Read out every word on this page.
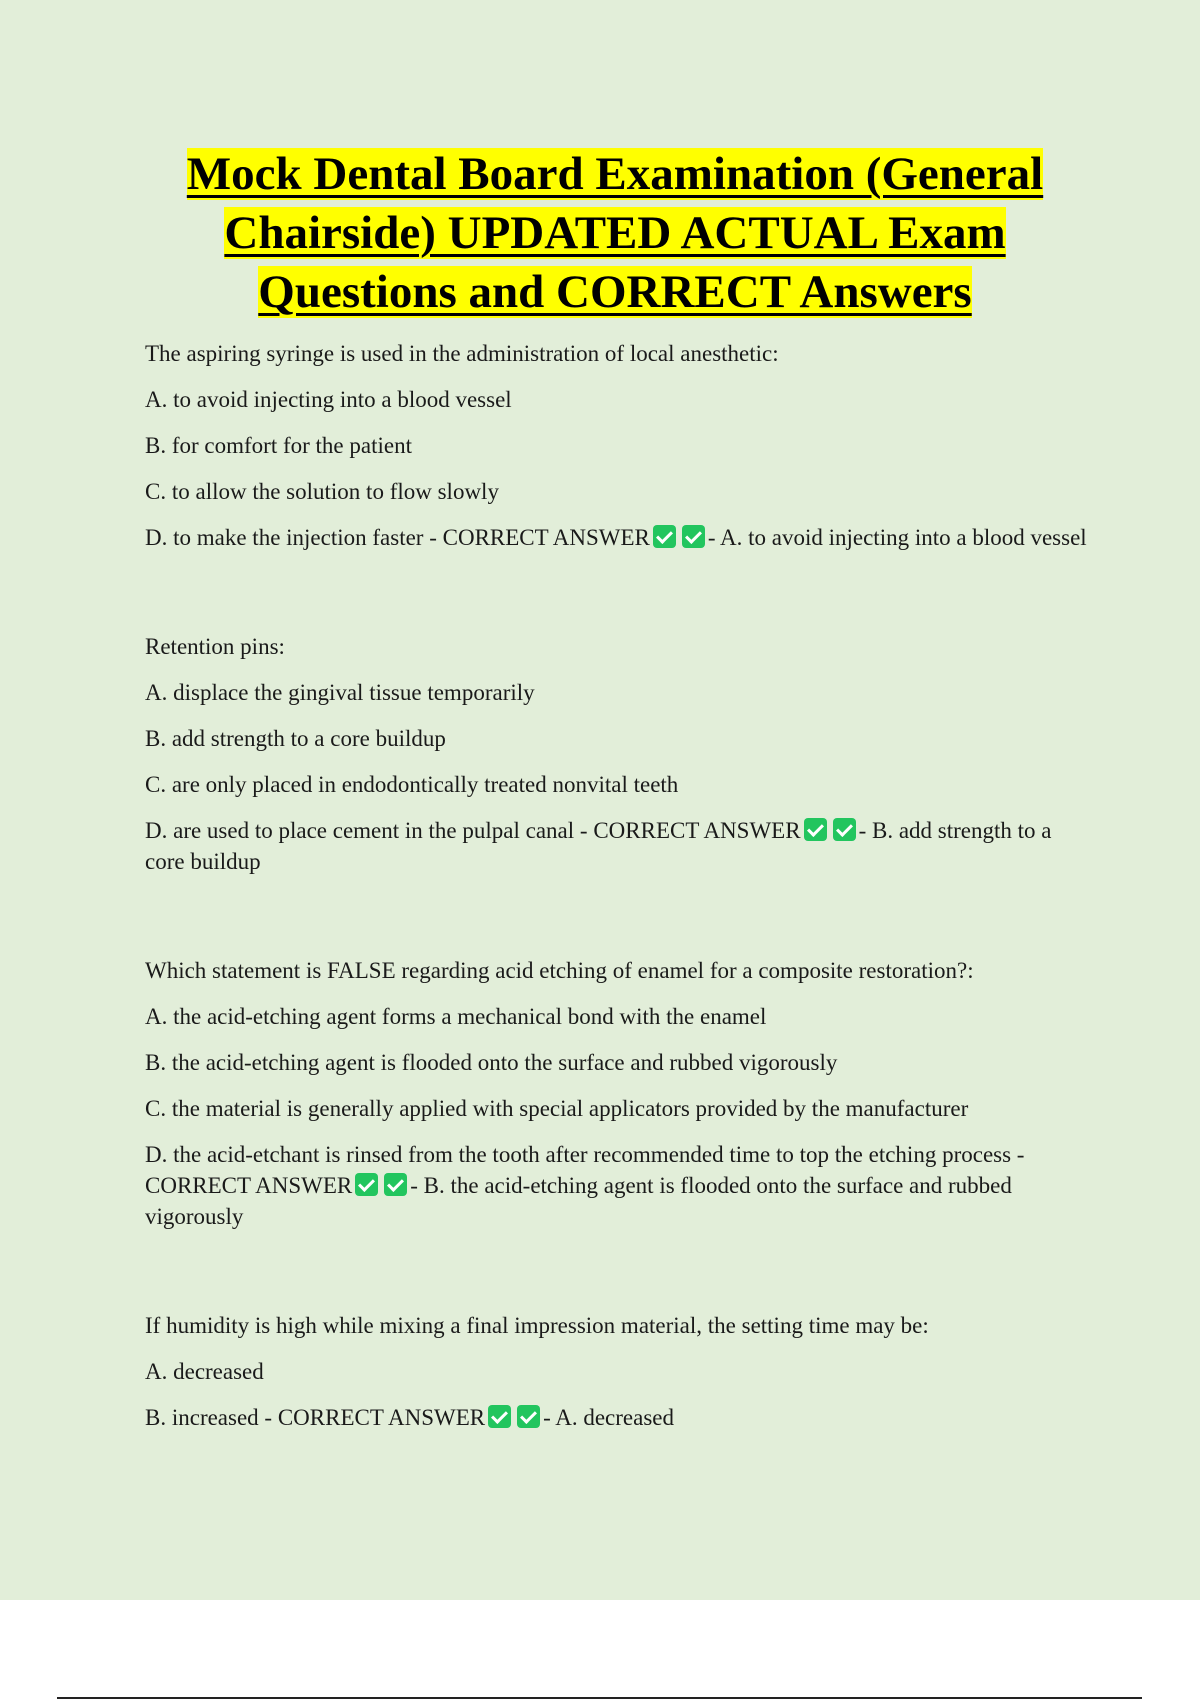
Mock Dental Board Examination (General
Chairside) UPDATED ACTUAL Exam
Questions and CORRECT Answers

The aspiring syringe is used in the administration of local anesthetic:

A. to avoid injecting into a blood vessel

B. for comfort for the patient

C. to allow the solution to flow slowly

D. to make the injection faster - CORRECT ANSWER	- A. to avoid injecting into a blood vessel

Retention pins:

A. displace the gingival tissue temporarily

B. add strength to a core buildup

C. are only placed in endodontically treated nonvital teeth

D. are used to place cement in the pulpal canal - CORRECT ANSWER	- B. add strength to a core buildup

Which statement is FALSE regarding acid etching of enamel for a composite restoration?:

A. the acid-etching agent forms a mechanical bond with the enamel

B. the acid-etching agent is flooded onto the surface and rubbed vigorously

C. the material is generally applied with special applicators provided by the manufacturer

D. the acid-etchant is rinsed from the tooth after recommended time to top the etching process - CORRECT ANSWER	- B. the acid-etching agent is flooded onto the surface and rubbed vigorously

If humidity is high while mixing a final impression material, the setting time may be:

A. decreased

B. increased - CORRECT ANSWER	- A. decreased
